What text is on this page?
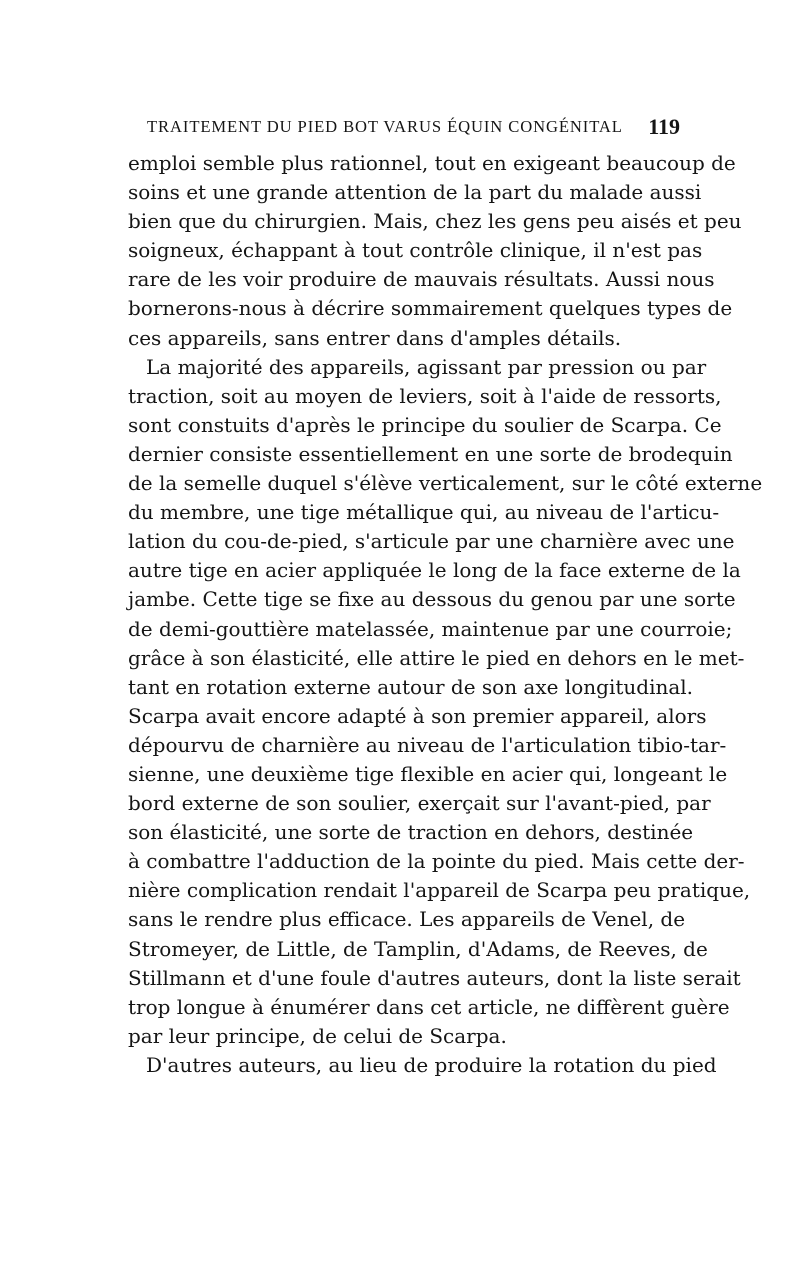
TRAITEMENT DU PIED BOT VARUS ÉQUIN CONGÉNITAL 119
emploi semble plus rationnel, tout en exigeant beaucoup de
soins et une grande attention de la part du malade aussi
bien que du chirurgien. Mais, chez les gens peu aisés et peu
soigneux, échappant à tout contrôle clinique, il n'est pas
rare de les voir produire de mauvais résultats. Aussi nous
bornerons-nous à décrire sommairement quelques types de
ces appareils, sans entrer dans d'amples détails.
La majorité des appareils, agissant par pression ou par
traction, soit au moyen de leviers, soit à l'aide de ressorts,
sont constuits d'après le principe du soulier de Scarpa. Ce
dernier consiste essentiellement en une sorte de brodequin
de la semelle duquel s'élève verticalement, sur le côté externe
du membre, une tige métallique qui, au niveau de l'articu-
lation du cou-de-pied, s'articule par une charnière avec une
autre tige en acier appliquée le long de la face externe de la
jambe. Cette tige se fixe au dessous du genou par une sorte
de demi-gouttière matelassée, maintenue par une courroie;
grâce à son élasticité, elle attire le pied en dehors en le met-
tant en rotation externe autour de son axe longitudinal.
Scarpa avait encore adapté à son premier appareil, alors
dépourvu de charnière au niveau de l'articulation tibio-tar-
sienne, une deuxième tige flexible en acier qui, longeant le
bord externe de son soulier, exerçait sur l'avant-pied, par
son élasticité, une sorte de traction en dehors, destinée
à combattre l'adduction de la pointe du pied. Mais cette der-
nière complication rendait l'appareil de Scarpa peu pratique,
sans le rendre plus efficace. Les appareils de Venel, de
Stromeyer, de Little, de Tamplin, d'Adams, de Reeves, de
Stillmann et d'une foule d'autres auteurs, dont la liste serait
trop longue à énumérer dans cet article, ne diffèrent guère
par leur principe, de celui de Scarpa.
D'autres auteurs, au lieu de produire la rotation du pied
